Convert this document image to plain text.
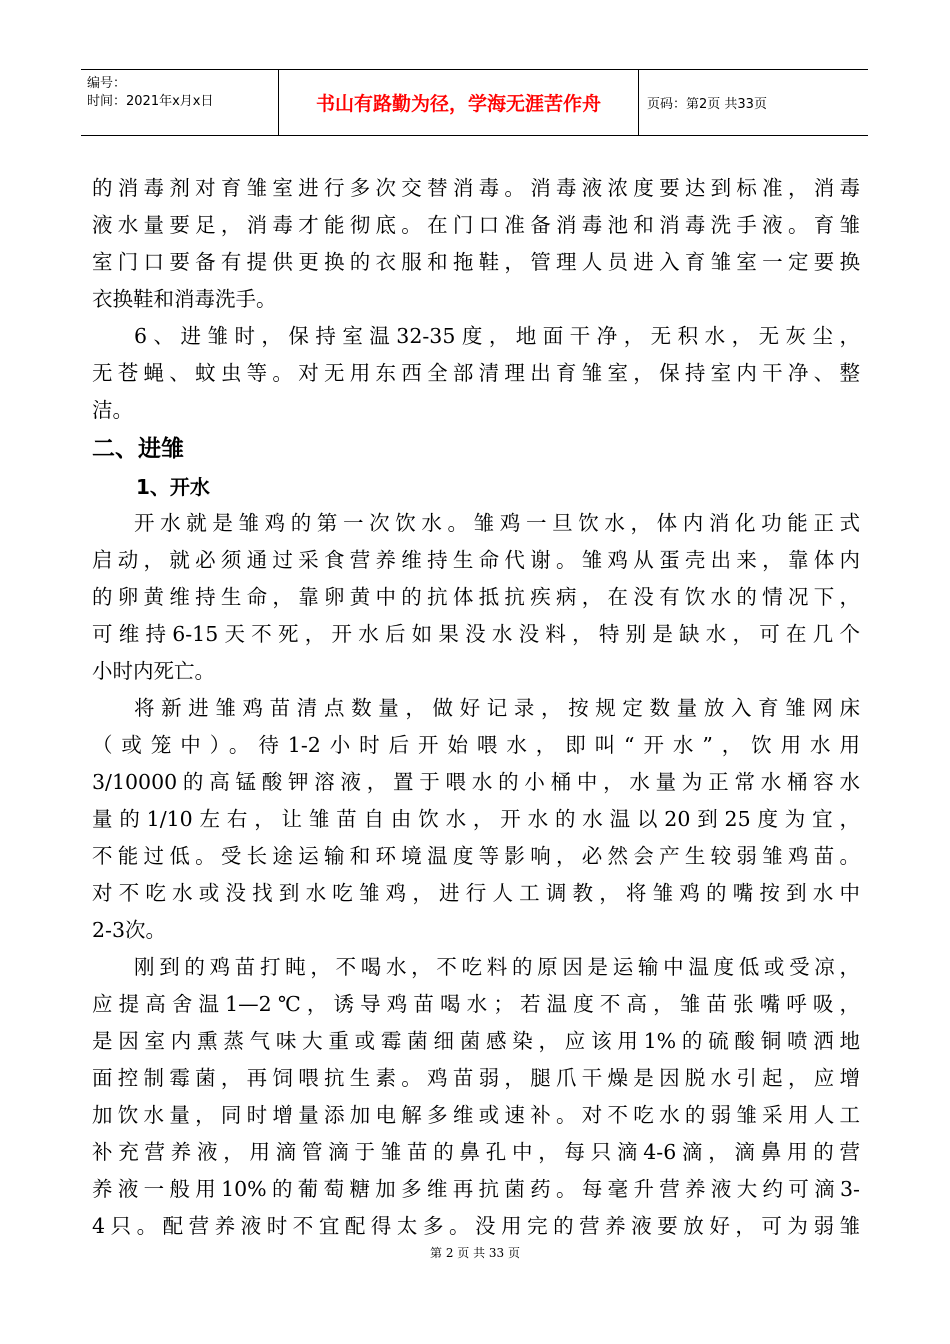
编号：
时间：2021年x月x日	书山有路勤为径，学海无涯苦作舟	页码：第2页 共33页
的消毒剂对育雏室进行多次交替消毒。消毒液浓度要达到标准，消毒
液水量要足，消毒才能彻底。在门口准备消毒池和消毒洗手液。育雏
室门口要备有提供更换的衣服和拖鞋，管理人员进入育雏室一定要换
衣换鞋和消毒洗手。
6、进雏时，保持室温32-35度，地面干净，无积水，无灰尘，
无苍蝇、蚊虫等。对无用东西全部清理出育雏室，保持室内干净、整
洁。
二、进雏
1、开水
开水就是雏鸡的第一次饮水。雏鸡一旦饮水，体内消化功能正式
启动，就必须通过采食营养维持生命代谢。雏鸡从蛋壳出来，靠体内
的卵黄维持生命，靠卵黄中的抗体抵抗疾病，在没有饮水的情况下，
可维持6-15天不死，开水后如果没水没料，特别是缺水，可在几个
小时内死亡。
将新进雏鸡苗清点数量，做好记录，按规定数量放入育雏网床
（或笼中）。待1-2小时后开始喂水，即叫“开水”，饮用水用
3/10000的高锰酸钾溶液，置于喂水的小桶中，水量为正常水桶容水
量的1/10左右，让雏苗自由饮水，开水的水温以20到25度为宜，
不能过低。受长途运输和环境温度等影响，必然会产生较弱雏鸡苗。
对不吃水或没找到水吃雏鸡，进行人工调教，将雏鸡的嘴按到水中
2-3次。
刚到的鸡苗打盹，不喝水，不吃料的原因是运输中温度低或受凉，
应提高舍温1—2℃，诱导鸡苗喝水；若温度不高，雏苗张嘴呼吸，
是因室内熏蒸气味大重或霉菌细菌感染，应该用1%的硫酸铜喷洒地
面控制霉菌，再饲喂抗生素。鸡苗弱，腿爪干燥是因脱水引起，应增
加饮水量，同时增量添加电解多维或速补。对不吃水的弱雏采用人工
补充营养液，用滴管滴于雏苗的鼻孔中，每只滴4-6滴，滴鼻用的营
养液一般用10%的葡萄糖加多维再抗菌药。每毫升营养液大约可滴3-
4只。配营养液时不宜配得太多。没用完的营养液要放好，可为弱雏
第 2 页 共 33 页
